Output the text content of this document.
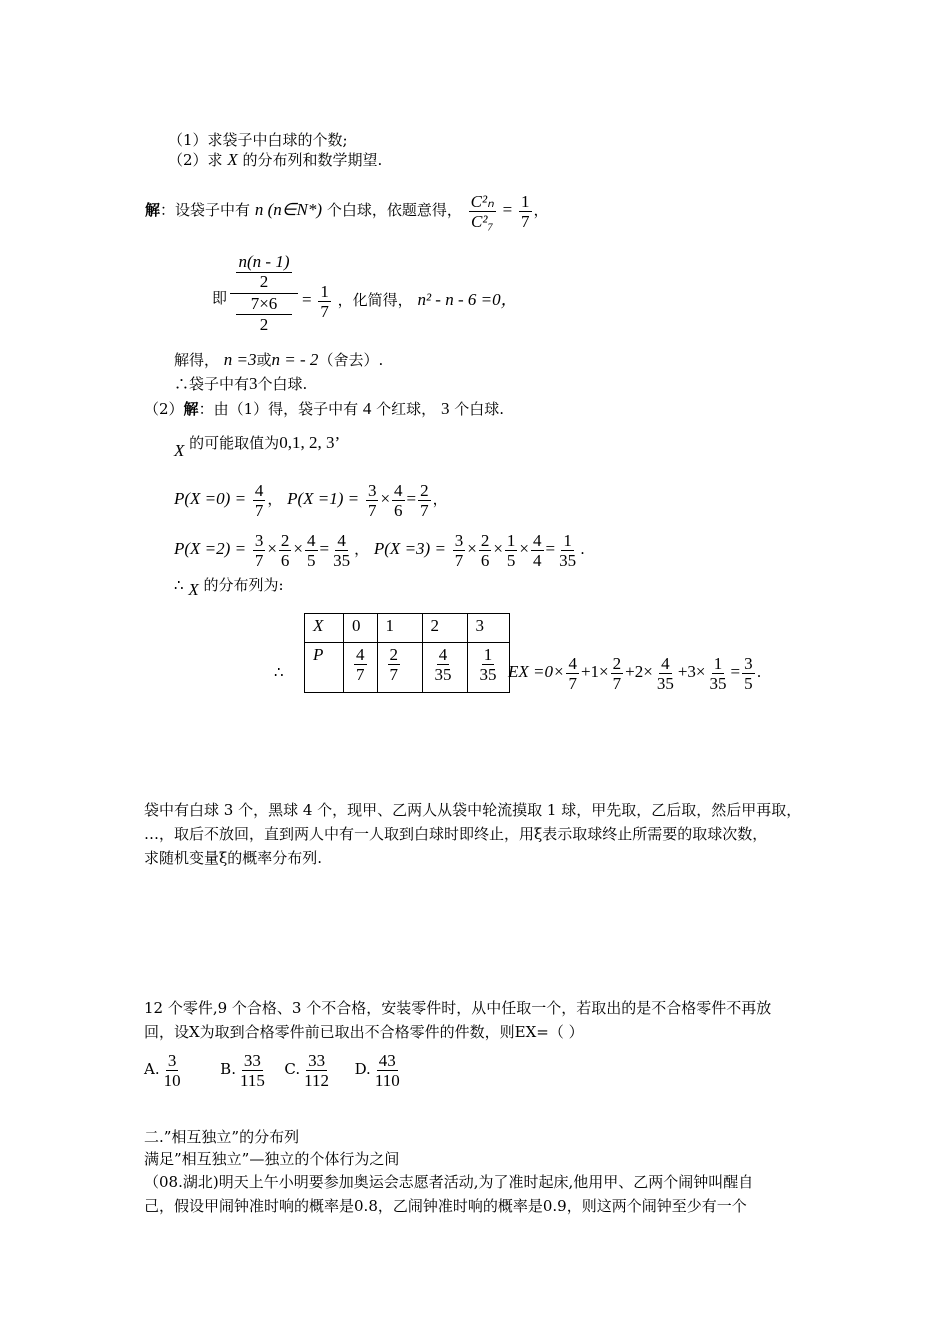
（1）求袋子中白球的个数;
（2）求 X 的分布列和数学期望.
解：设袋子中有 n (n∈N*) 个白球，依题意得， $\frac{\text{C²ₙ}}{\text{C²₇}} = \frac{1}{7}$ ，
即
n(n - 1)
2
7×6
2
= $\frac{1}{7}$ ，化简得， n² - n - 6 =0，
解得， n =3或n = - 2（舍去）.
∴袋子中有3个白球.
（2）解：由（1）得，袋子中有 4 个红球， 3 个白球.
X 的可能取值为0,1, 2, 3’
$P(X =0) = \frac{4}{7}$ ， $P(X =1) = \frac{3}{7} \times \frac{4}{6} = \frac{2}{7}$ ，
$P(X =2) = \frac{3}{7} \times \frac{2}{6} \times \frac{4}{5} = \frac{4}{35}$ ， $P(X =3) = \frac{3}{7} \times \frac{2}{6} \times \frac{1}{5} \times \frac{4}{4} = \frac{1}{35}$ .
∴ X 的分布列为:
∴
X	0	1	2	3
P	$\frac{4}{7}$	$\frac{2}{7}$	$\frac{4}{35}$	$\frac{1}{35}$ EX $=0\times \frac{4}{7} +1\times \frac{2}{7} +2\times \frac{4}{35} +3\times \frac{1}{35} = \frac{3}{5}$ .
袋中有白球 3 个，黑球 4 个，现甲、乙两人从袋中轮流摸取 1 球，甲先取，乙后取，然后甲再取，
…，取后不放回，直到两人中有一人取到白球时即终止，用ξ表示取球终止所需要的取球次数，
求随机变量ξ的概率分布列.
12 个零件,9 个合格、3 个不合格，安装零件时，从中任取一个，若取出的是不合格零件不再放
回，设X为取到合格零件前已取出不合格零件的件数，则EX=（ ）
A. $\frac{3}{10}$	B. $\frac{33}{115} C$. $\frac{33}{112} D$. $\frac{43}{110}$
二.”相互独立”的分布列
满足”相互独立”—独立的个体行为之间
（08.湖北)明天上午小明要参加奥运会志愿者活动,为了准时起床,他用甲、乙两个闹钟叫醒自
己，假设甲闹钟准时响的概率是0.8，乙闹钟准时响的概率是0.9，则这两个闹钟至少有一个
